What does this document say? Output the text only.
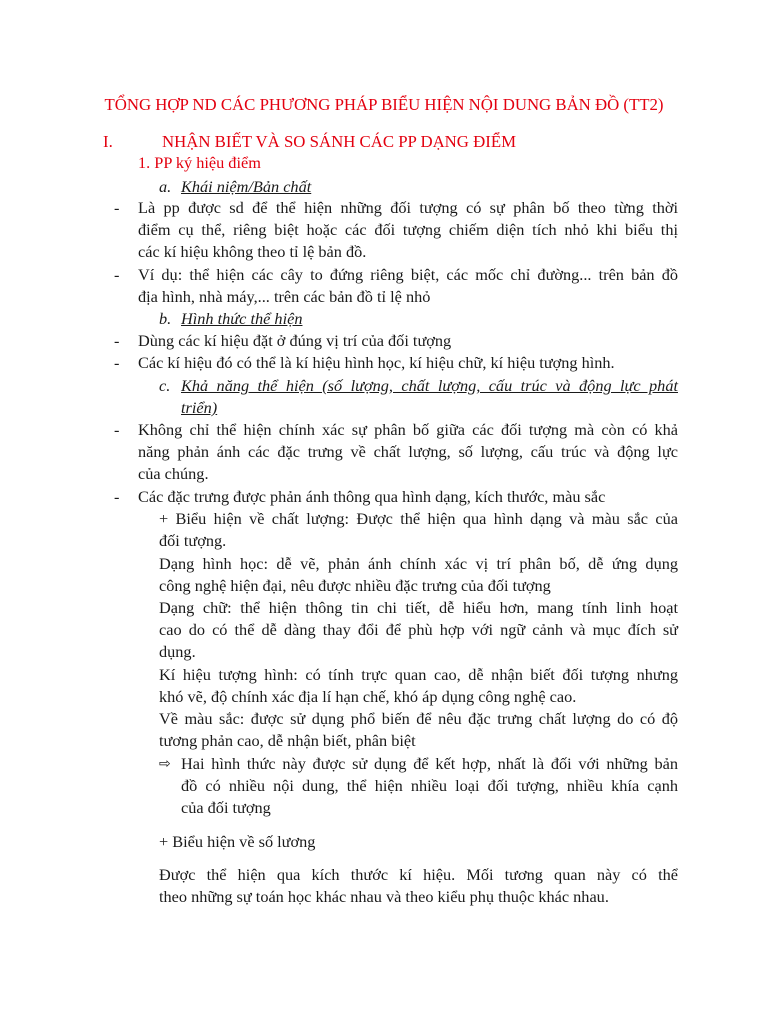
TỔNG HỢP ND CÁC PHƯƠNG PHÁP BIỂU HIỆN NỘI DUNG BẢN ĐỒ (TT2)
I.	NHẬN BIẾT VÀ SO SÁNH CÁC PP DẠNG ĐIỂM
1. PP ký hiệu điểm
a. Khái niệm/Bản chất
- Là pp được sd để thể hiện những đối tượng có sự phân bố theo từng thời
điểm cụ thể, riêng biệt hoặc các đối tượng chiếm diện tích nhỏ khi biểu thị
các kí hiệu không theo tỉ lệ bản đồ.
- Ví dụ: thể hiện các cây to đứng riêng biệt, các mốc chỉ đường... trên bản đồ
địa hình, nhà máy,... trên các bản đồ tỉ lệ nhỏ
b. Hình thức thể hiện
- Dùng các kí hiệu đặt ở đúng vị trí của đối tượng
- Các kí hiệu đó có thể là kí hiệu hình học, kí hiệu chữ, kí hiệu tượng hình.
c. Khả năng thể hiện (số lượng, chất lượng, cấu trúc và động lực phát
triển)
- Không chỉ thể hiện chính xác sự phân bố giữa các đối tượng mà còn có khả
năng phản ánh các đặc trưng về chất lượng, số lượng, cấu trúc và động lực
của chúng.
- Các đặc trưng được phản ánh thông qua hình dạng, kích thước, màu sắc
+ Biểu hiện về chất lượng: Được thể hiện qua hình dạng và màu sắc của
đối tượng.
Dạng hình học: dễ vẽ, phản ánh chính xác vị trí phân bố, dễ ứng dụng
công nghệ hiện đại, nêu được nhiều đặc trưng của đối tượng
Dạng chữ: thể hiện thông tin chi tiết, dễ hiểu hơn, mang tính linh hoạt
cao do có thể dễ dàng thay đổi để phù hợp với ngữ cảnh và mục đích sử
dụng.
Kí hiệu tượng hình: có tính trực quan cao, dễ nhận biết đối tượng nhưng
khó vẽ, độ chính xác địa lí hạn chế, khó áp dụng công nghệ cao.
Về màu sắc: được sử dụng phổ biến để nêu đặc trưng chất lượng do có độ
tương phản cao, dễ nhận biết, phân biệt
⇨ Hai hình thức này được sử dụng để kết hợp, nhất là đối với những bản
đồ có nhiều nội dung, thể hiện nhiều loại đối tượng, nhiều khía cạnh
của đối tượng
+ Biểu hiện về số lương
Được thể hiện qua kích thước kí hiệu. Mối tương quan này có thể
theo những sự toán học khác nhau và theo kiểu phụ thuộc khác nhau.
